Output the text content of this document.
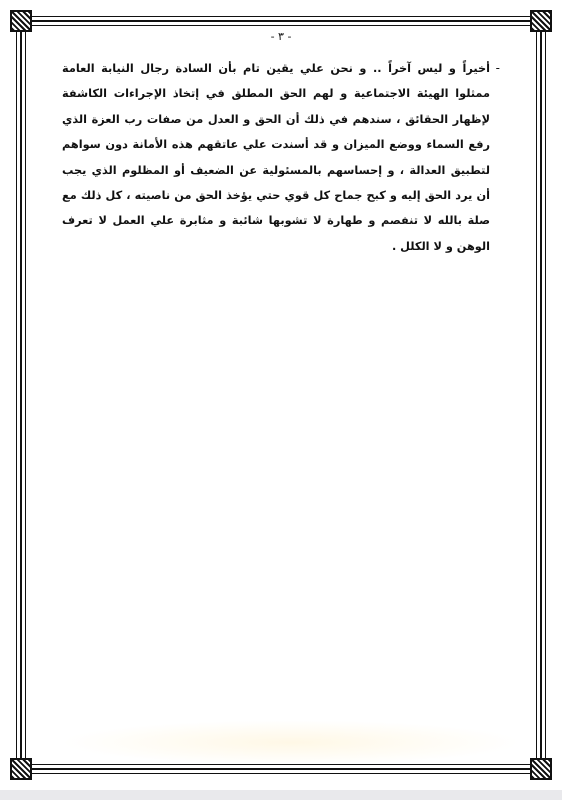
- ٣ -
-

أخيراً و ليس آخراً .. و نحن علي يقين تام بأن السادة رجال النيابة العامة ممثلوا الهيئة الاجتماعية و لهم الحق المطلق في إتخاذ الإجراءات الكاشفة لإظهار الحقائق ، سندهم في ذلك أن الحق و العدل من صفات رب العزة الذي رفع السماء ووضع الميزان و قد أسندت علي عاتقهم هذه الأمانة دون سواهم لتطبيق العدالة ، و إحساسهم بالمسئولية عن الضعيف أو المظلوم الذي يجب أن يرد الحق إليه و كبح جماح كل قوي حتي يؤخذ الحق من ناصيته ، كل ذلك مع صلة بالله لا تنفصم و طهارة لا تشوبها شائبة و مثابرة علي العمل لا تعرف الوهن و لا الكلل .
